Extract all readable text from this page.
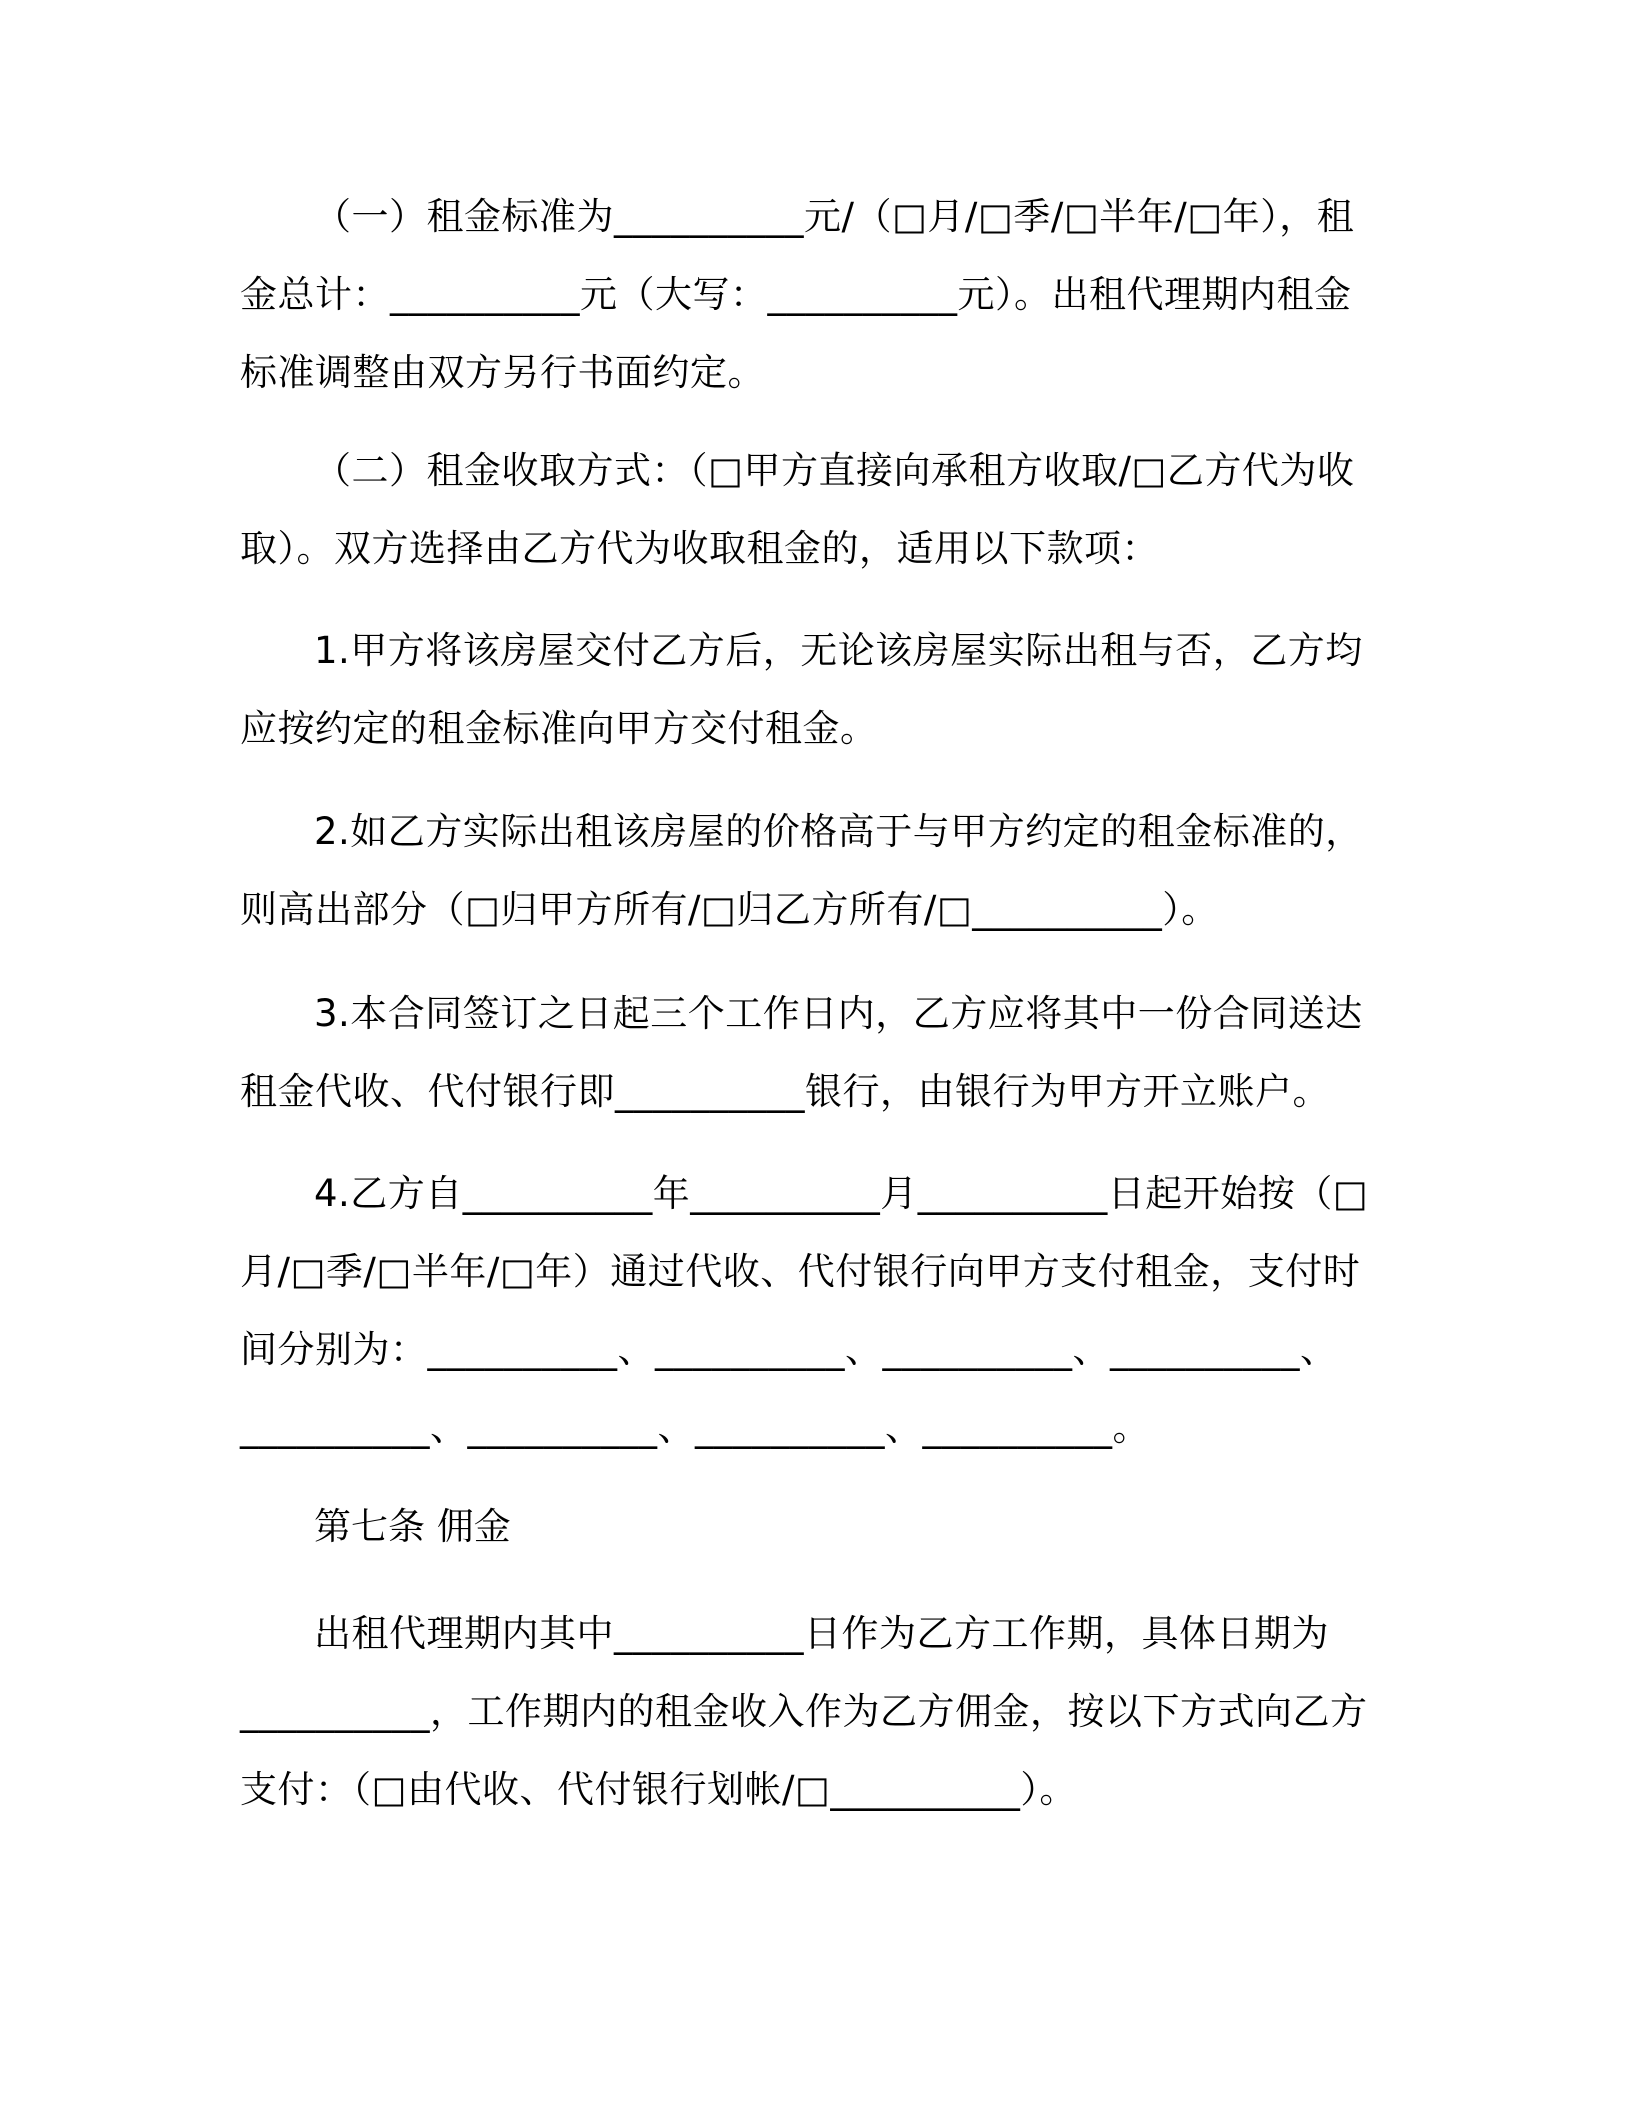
（一）租金标准为__________元/（□月/□季/□半年/□年），租
金总计：__________元（大写：__________元）。出租代理期内租金
标准调整由双方另行书面约定。
（二）租金收取方式：（□甲方直接向承租方收取/□乙方代为收
取）。双方选择由乙方代为收取租金的，适用以下款项：
1.甲方将该房屋交付乙方后，无论该房屋实际出租与否，乙方均
应按约定的租金标准向甲方交付租金。
2.如乙方实际出租该房屋的价格高于与甲方约定的租金标准的，
则高出部分（□归甲方所有/□归乙方所有/□__________）。
3.本合同签订之日起三个工作日内，乙方应将其中一份合同送达
租金代收、代付银行即__________银行，由银行为甲方开立账户。
4.乙方自__________年__________月__________日起开始按（□
月/□季/□半年/□年）通过代收、代付银行向甲方支付租金，支付时
间分别为：__________、__________、__________、__________、
__________、__________、__________、__________。
第七条 佣金
出租代理期内其中__________日作为乙方工作期，具体日期为
__________，工作期内的租金收入作为乙方佣金，按以下方式向乙方
支付：（□由代收、代付银行划帐/□__________）。
